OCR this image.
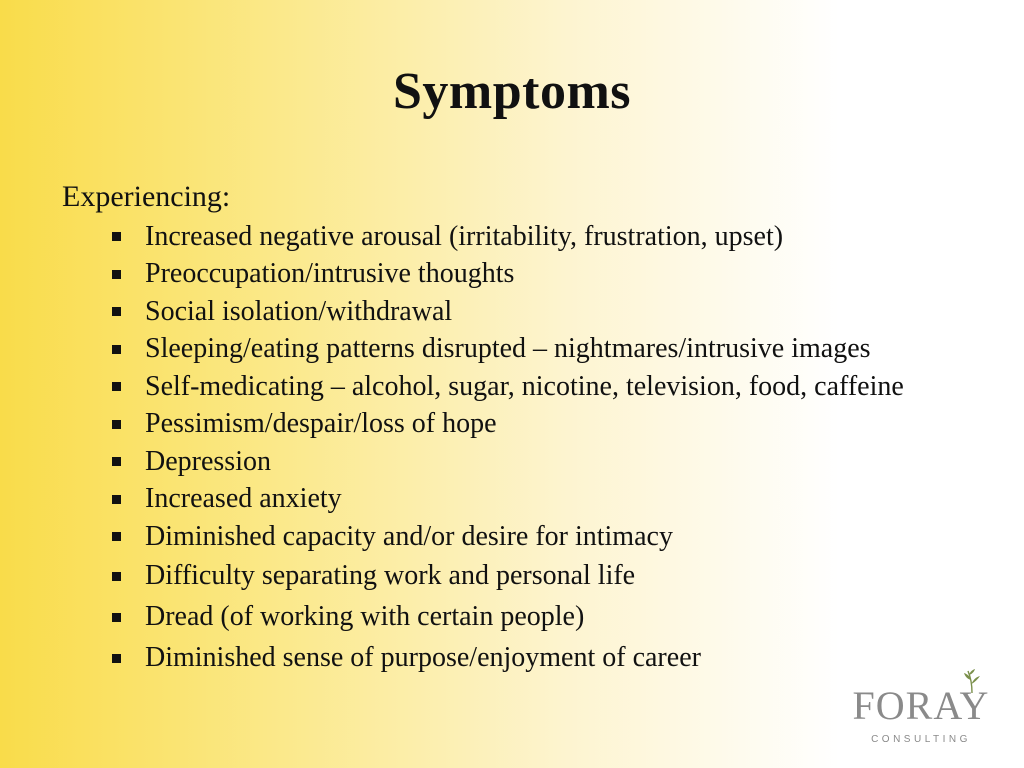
Symptoms
Experiencing:
Increased negative arousal (irritability, frustration, upset)
Preoccupation/intrusive thoughts
Social isolation/withdrawal
Sleeping/eating patterns disrupted – nightmares/intrusive images
Self-medicating – alcohol, sugar, nicotine, television, food, caffeine
Pessimism/despair/loss of hope
Depression
Increased anxiety
Diminished capacity and/or desire for intimacy
Difficulty separating work and personal life
Dread (of working with certain people)
Diminished sense of purpose/enjoyment of career
FORAY
CONSULTING
